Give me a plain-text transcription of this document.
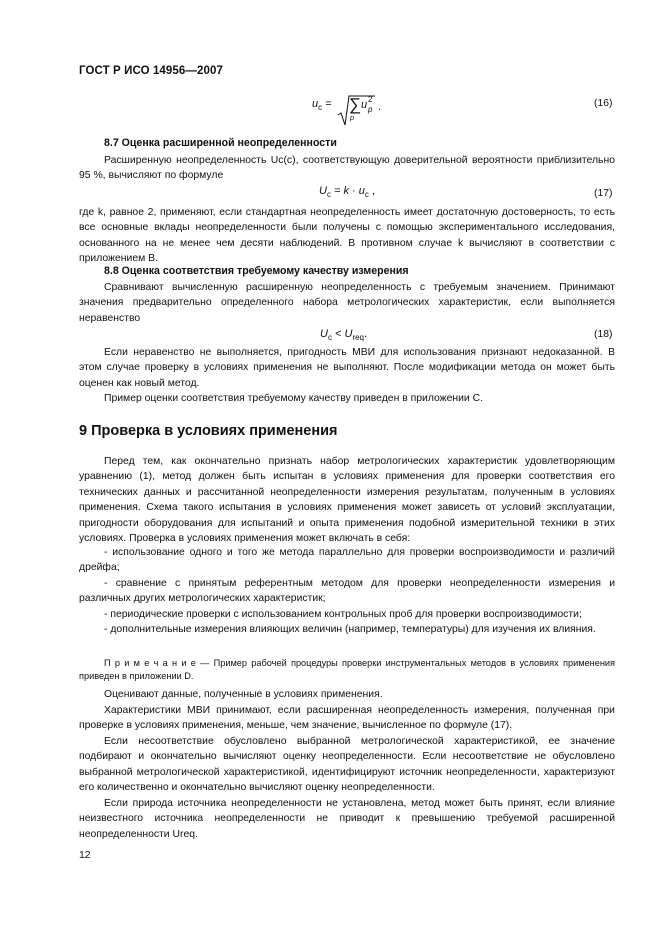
ГОСТ Р ИСО 14956—2007
$u_c$ = ∑
p
u 2
p .	(16)
8.7 Оценка расширенной неопределенности

Расширенную неопределенность Uc(c), соответствующую доверительной вероятности приблизительно 95 %, вычисляют по формуле

$U_c = k \cdot u_c$ ,	(17)

где k, равное 2, применяют, если стандартная неопределенность имеет достаточную достоверность, то есть все основные вклады неопределенности были получены с помощью экспериментального исследования, основанного на не менее чем десяти наблюдений. В противном случае k вычисляют в соответствии с приложением B.

8.8 Оценка соответствия требуемому качеству измерения

Сравнивают вычисленную расширенную неопределенность с требуемым значением. Принимают значения предварительно определенного набора метрологических характеристик, если выполняется неравенство

$U_c < U_{req}$.	(18)

Если неравенство не выполняется, пригодность МВИ для использования признают недоказанной. В этом случае проверку в условиях применения не выполняют. После модификации метода он может быть оценен как новый метод.

Пример оценки соответствия требуемому качеству приведен в приложении C.

9 Проверка в условиях применения

Перед тем, как окончательно признать набор метрологических характеристик удовлетворяющим уравнению (1), метод должен быть испытан в условиях применения для проверки соответствия его технических данных и рассчитанной неопределенности измерения результатам, полученным в условиях применения. Схема такого испытания в условиях применения может зависеть от условий эксплуатации, пригодности оборудования для испытаний и опыта применения подобной измерительной техники в этих условиях. Проверка в условиях применения может включать в себя:

- использование одного и того же метода параллельно для проверки воспроизводимости и различий дрейфа;

- сравнение с принятым референтным методом для проверки неопределенности измерения и различных других метрологических характеристик;

- периодические проверки с использованием контрольных проб для проверки воспроизводимости;

- дополнительные измерения влияющих величин (например, температуры) для изучения их влияния.

П р и м е ч а н и е — Пример рабочей процедуры проверки инструментальных методов в условиях применения приведен в приложении D.

Оценивают данные, полученные в условиях применения.

Характеристики МВИ принимают, если расширенная неопределенность измерения, полученная при проверке в условиях применения, меньше, чем значение, вычисленное по формуле (17).

Если несоответствие обусловлено выбранной метрологической характеристикой, ее значение подбирают и окончательно вычисляют оценку неопределенности. Если несоответствие не обусловлено выбранной метрологической характеристикой, идентифицируют источник неопределенности, характеризуют его количественно и окончательно вычисляют оценку неопределенности.

Если природа источника неопределенности не установлена, метод может быть принят, если влияние неизвестного источника неопределенности не приводит к превышению требуемой расширенной неопределенности Ureq.

12
